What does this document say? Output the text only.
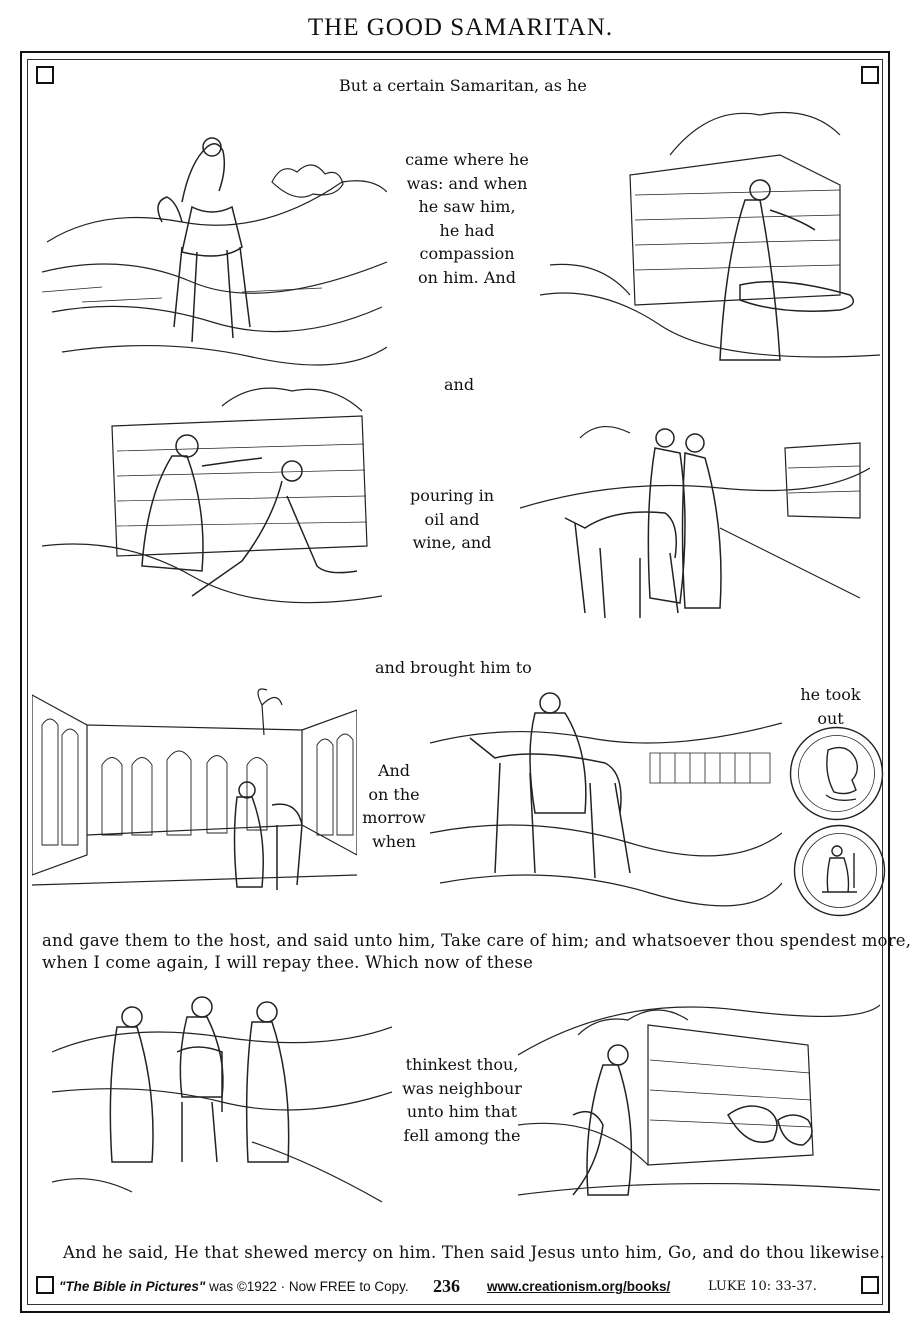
THE GOOD SAMARITAN.
But a certain Samaritan, as he
came where he
was: and when
he saw him,
he had
compassion
on him. And
and
pouring in
oil and
wine, and
and brought him to
he took
out
And
on the
morrow
when
and gave them to the host, and said unto him, Take care of him; and whatsoever thou spendest more,
when I come again, I will repay thee. Which now of these
thinkest thou,
was neighbour
unto him that
fell among the
And he said, He that shewed mercy on him. Then said Jesus unto him, Go, and do thou likewise.
"The Bible in Pictures" was ©1922 · Now FREE to Copy. 236 www.creationism.org/books/	LUKE 10: 33-37.
